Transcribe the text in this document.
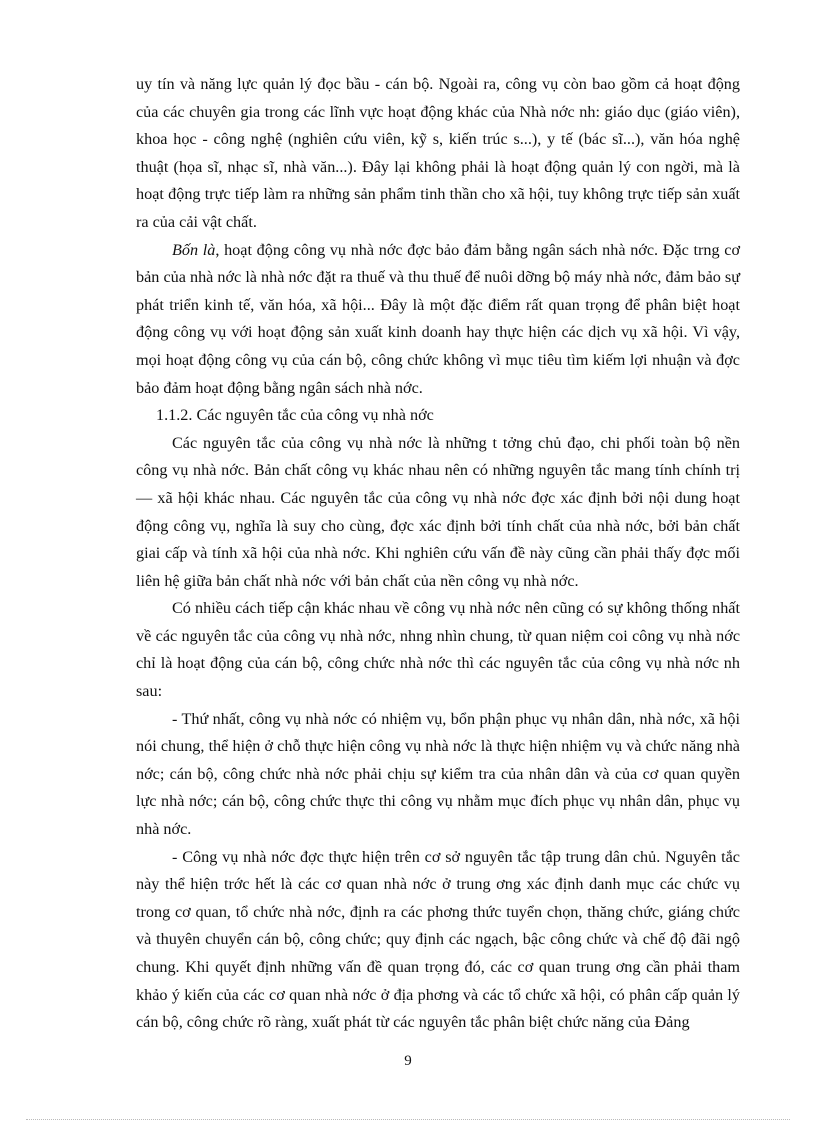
uy tín và năng lực quản lý đọc bầu - cán bộ. Ngoài ra, công vụ còn bao gồm cả hoạt động của các chuyên gia trong các lĩnh vực hoạt động khác của Nhà nớc nh: giáo dục (giáo viên), khoa học - công nghệ (nghiên cứu viên, kỹ s, kiến trúc s...), y tế (bác sĩ...), văn hóa nghệ thuật (họa sĩ, nhạc sĩ, nhà văn...). Đây lại không phải là hoạt động quản lý con ngời, mà là hoạt động trực tiếp làm ra những sản phẩm tinh thần cho xã hội, tuy không trực tiếp sản xuất ra của cải vật chất.

Bốn là, hoạt động công vụ nhà nớc đợc bảo đảm bằng ngân sách nhà nớc. Đặc trng cơ bản của nhà nớc là nhà nớc đặt ra thuế và thu thuế để nuôi dỡng bộ máy nhà nớc, đảm bảo sự phát triển kinh tế, văn hóa, xã hội... Đây là một đặc điểm rất quan trọng để phân biệt hoạt động công vụ với hoạt động sản xuất kinh doanh hay thực hiện các dịch vụ xã hội. Vì vậy, mọi hoạt động công vụ của cán bộ, công chức không vì mục tiêu tìm kiếm lợi nhuận và đợc bảo đảm hoạt động bằng ngân sách nhà nớc.

1.1.2. Các nguyên tắc của công vụ nhà nớc

Các nguyên tắc của công vụ nhà nớc là những t tởng chủ đạo, chi phối toàn bộ nền công vụ nhà nớc. Bản chất công vụ khác nhau nên có những nguyên tắc mang tính chính trị — xã hội khác nhau. Các nguyên tắc của công vụ nhà nớc đợc xác định bởi nội dung hoạt động công vụ, nghĩa là suy cho cùng, đợc xác định bởi tính chất của nhà nớc, bởi bản chất giai cấp và tính xã hội của nhà nớc. Khi nghiên cứu vấn đề này cũng cần phải thấy đợc mối liên hệ giữa bản chất nhà nớc với bản chất của nền công vụ nhà nớc.

Có nhiều cách tiếp cận khác nhau về công vụ nhà nớc nên cũng có sự không thống nhất về các nguyên tắc của công vụ nhà nớc, nhng nhìn chung, từ quan niệm coi công vụ nhà nớc chỉ là hoạt động của cán bộ, công chức nhà nớc thì các nguyên tắc của công vụ nhà nớc nh sau:

- Thứ nhất, công vụ nhà nớc có nhiệm vụ, bổn phận phục vụ nhân dân, nhà nớc, xã hội nói chung, thể hiện ở chỗ thực hiện công vụ nhà nớc là thực hiện nhiệm vụ và chức năng nhà nớc; cán bộ, công chức nhà nớc phải chịu sự kiểm tra của nhân dân và của cơ quan quyền lực nhà nớc; cán bộ, công chức thực thi công vụ nhằm mục đích phục vụ nhân dân, phục vụ nhà nớc.

- Công vụ nhà nớc đợc thực hiện trên cơ sở nguyên tắc tập trung dân chủ. Nguyên tắc này thể hiện trớc hết là các cơ quan nhà nớc ở trung ơng xác định danh mục các chức vụ trong cơ quan, tổ chức nhà nớc, định ra các phơng thức tuyển chọn, thăng chức, giáng chức và thuyên chuyển cán bộ, công chức; quy định các ngạch, bậc công chức và chế độ đãi ngộ chung. Khi quyết định những vấn đề quan trọng đó, các cơ quan trung ơng cần phải tham khảo ý kiến của các cơ quan nhà nớc ở địa phơng và các tổ chức xã hội, có phân cấp quản lý cán bộ, công chức rõ ràng, xuất phát từ các nguyên tắc phân biệt chức năng của Đảng

9
